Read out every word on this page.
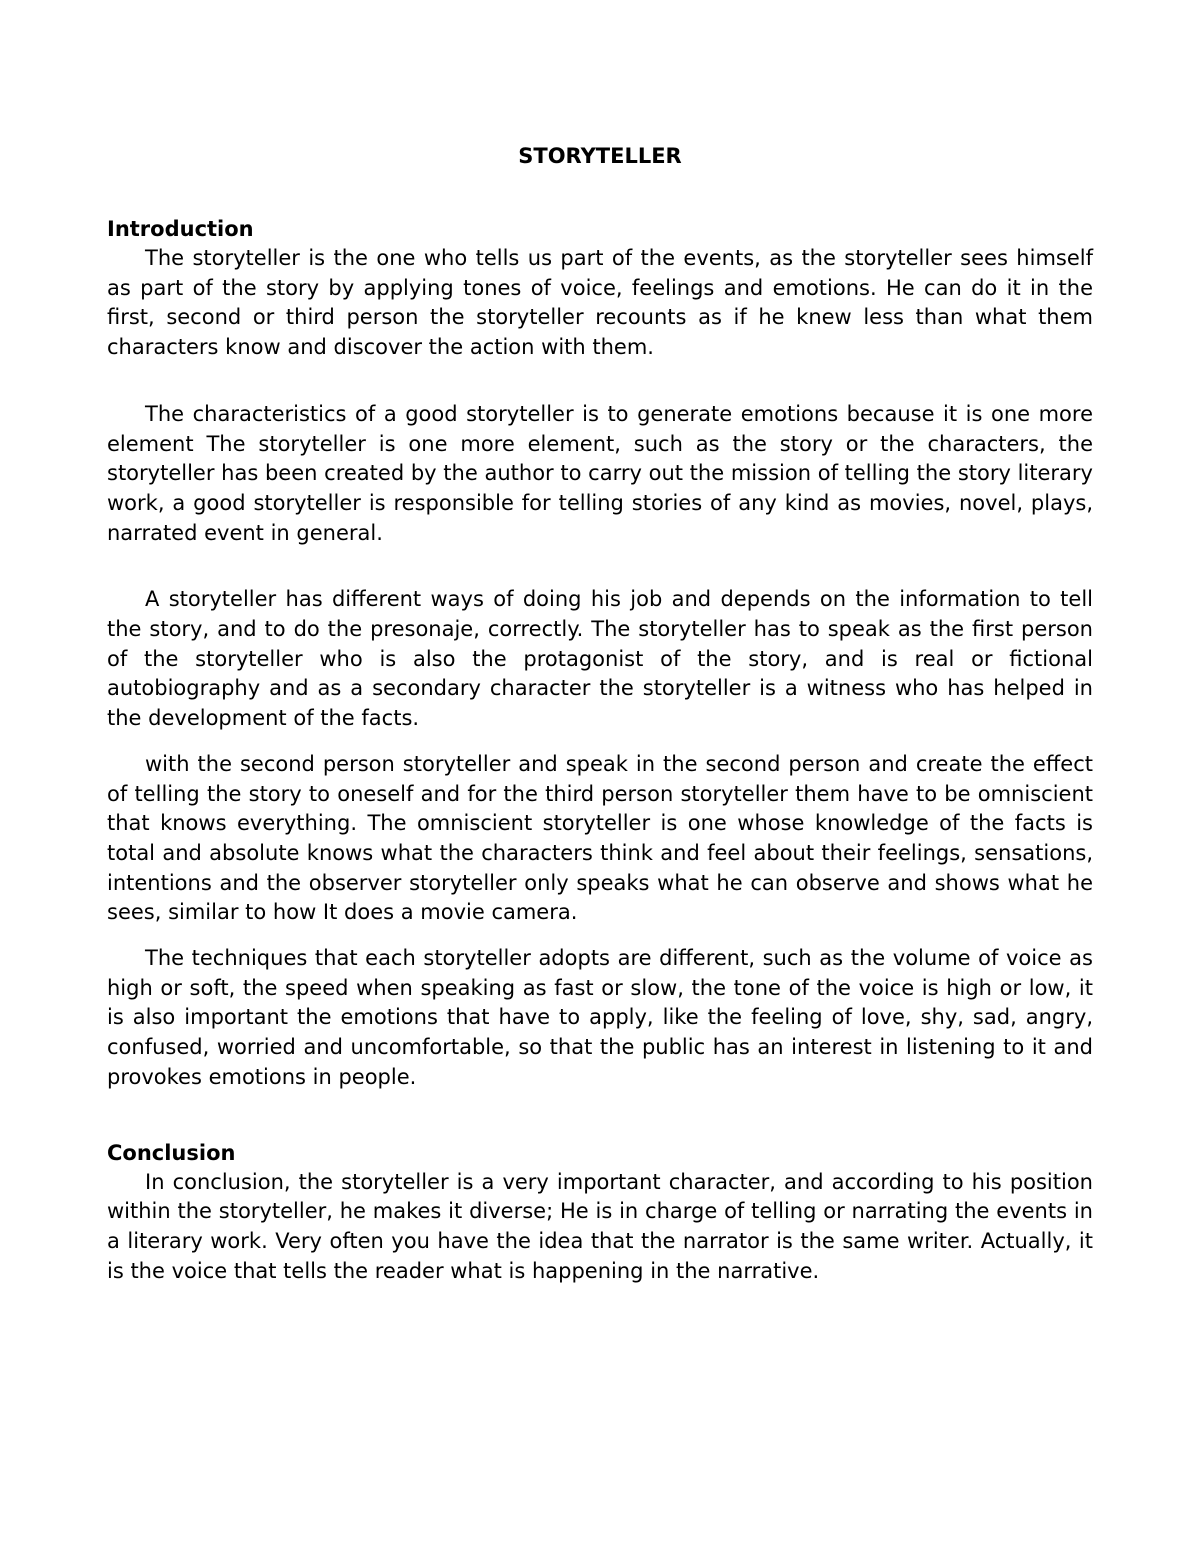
STORYTELLER
Introduction

The storyteller is the one who tells us part of the events, as the storyteller sees himself as part of the story by applying tones of voice, feelings and emotions. He can do it in the first, second or third person the storyteller recounts as if he knew less than what them characters know and discover the action with them.

The characteristics of a good storyteller is to generate emotions because it is one more element The storyteller is one more element, such as the story or the characters, the storyteller has been created by the author to carry out the mission of telling the story literary work, a good storyteller is responsible for telling stories of any kind as movies, novel, plays, narrated event in general.

A storyteller has different ways of doing his job and depends on the information to tell the story, and to do the presonaje, correctly. The storyteller has to speak as the first person of the storyteller who is also the protagonist of the story, and is real or fictional autobiography and as a secondary character the storyteller is a witness who has helped in the development of the facts.

with the second person storyteller and speak in the second person and create the effect of telling the story to oneself and for the third person storyteller them have to be omniscient that knows everything. The omniscient storyteller is one whose knowledge of the facts is total and absolute knows what the characters think and feel about their feelings, sensations, intentions and the observer storyteller only speaks what he can observe and shows what he sees, similar to how It does a movie camera.

The techniques that each storyteller adopts are different, such as the volume of voice as high or soft, the speed when speaking as fast or slow, the tone of the voice is high or low, it is also important the emotions that have to apply, like the feeling of love, shy, sad, angry, confused, worried and uncomfortable, so that the public has an interest in listening to it and provokes emotions in people.

Conclusion

In conclusion, the storyteller is a very important character, and according to his position within the storyteller, he makes it diverse; He is in charge of telling or narrating the events in a literary work. Very often you have the idea that the narrator is the same writer. Actually, it is the voice that tells the reader what is happening in the narrative.
